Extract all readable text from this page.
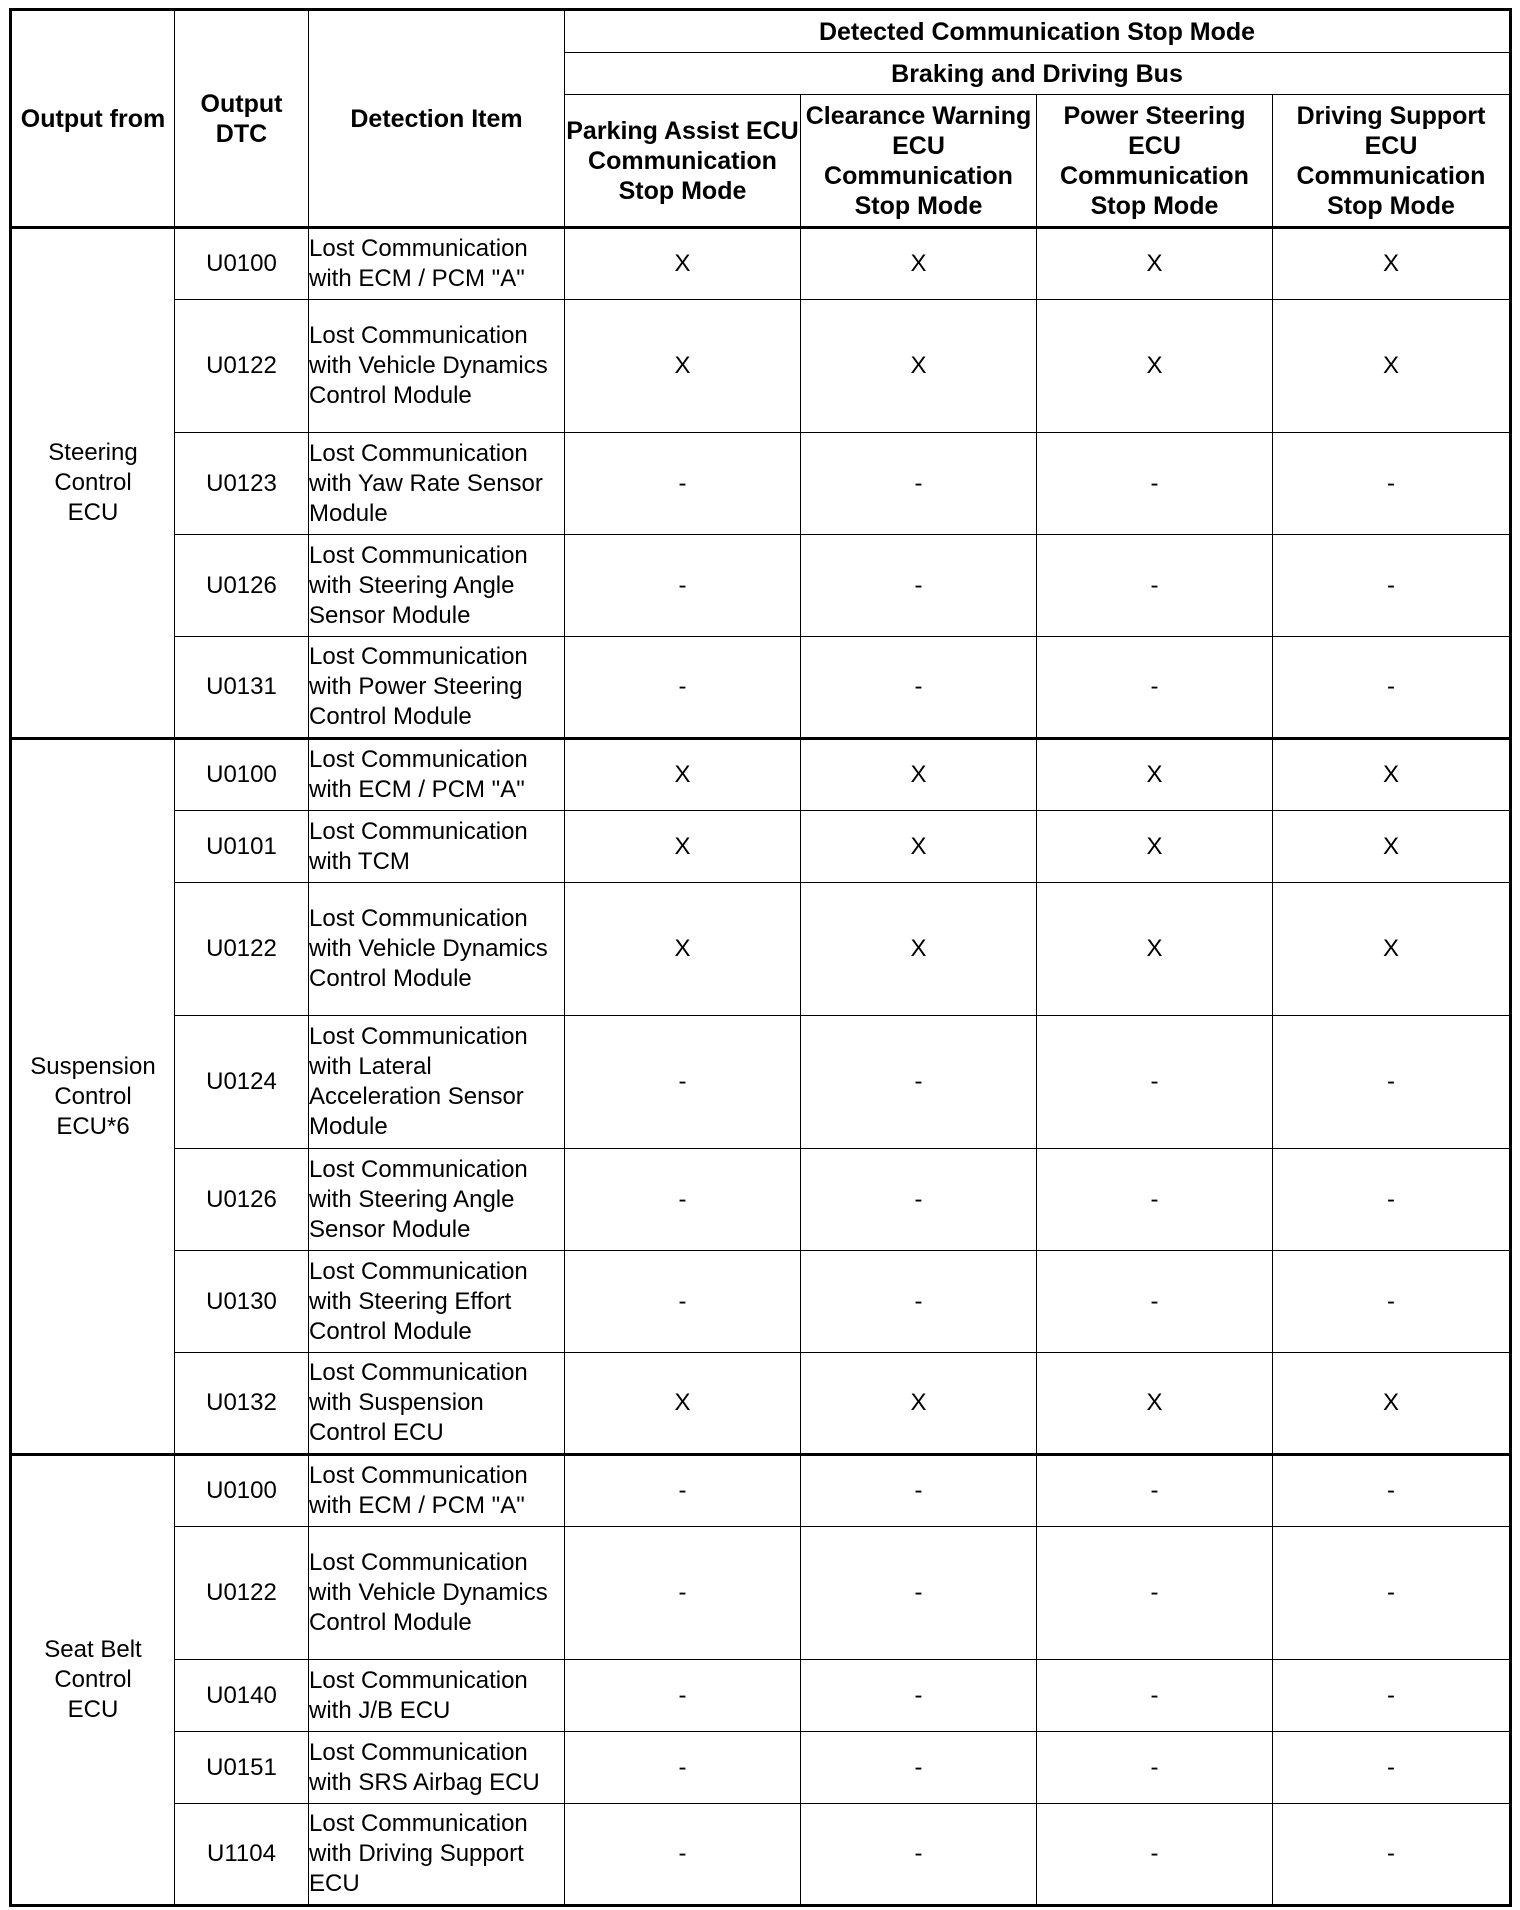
Output from	Output DTC	Detection Item	Detected Communication Stop Mode			
			Braking and Driving Bus			
			Parking Assist ECU Communication Stop Mode	Clearance Warning ECU Communication Stop Mode	Power Steering ECU Communication Stop Mode	Driving Support ECU Communication Stop Mode
Steering Control ECU	U0100	Lost Communication with ECM / PCM "A"	X	X	X	X
	U0122	Lost Communication with Vehicle Dynamics Control Module	X	X	X	X
	U0123	Lost Communication with Yaw Rate Sensor Module	-	-	-	-
	U0126	Lost Communication with Steering Angle Sensor Module	-	-	-	-
	U0131	Lost Communication with Power Steering Control Module	-	-	-	-
Suspension Control ECU*6	U0100	Lost Communication with ECM / PCM "A"	X	X	X	X
	U0101	Lost Communication with TCM	X	X	X	X
	U0122	Lost Communication with Vehicle Dynamics Control Module	X	X	X	X
	U0124	Lost Communication with Lateral Acceleration Sensor Module	-	-	-	-
	U0126	Lost Communication with Steering Angle Sensor Module	-	-	-	-
	U0130	Lost Communication with Steering Effort Control Module	-	-	-	-
	U0132	Lost Communication with Suspension Control ECU	X	X	X	X
Seat Belt Control ECU	U0100	Lost Communication with ECM / PCM "A"	-	-	-	-
	U0122	Lost Communication with Vehicle Dynamics Control Module	-	-	-	-
	U0140	Lost Communication with J/B ECU	-	-	-	-
	U0151	Lost Communication with SRS Airbag ECU	-	-	-	-
	U1104	Lost Communication with Driving Support ECU	-	-	-	-
